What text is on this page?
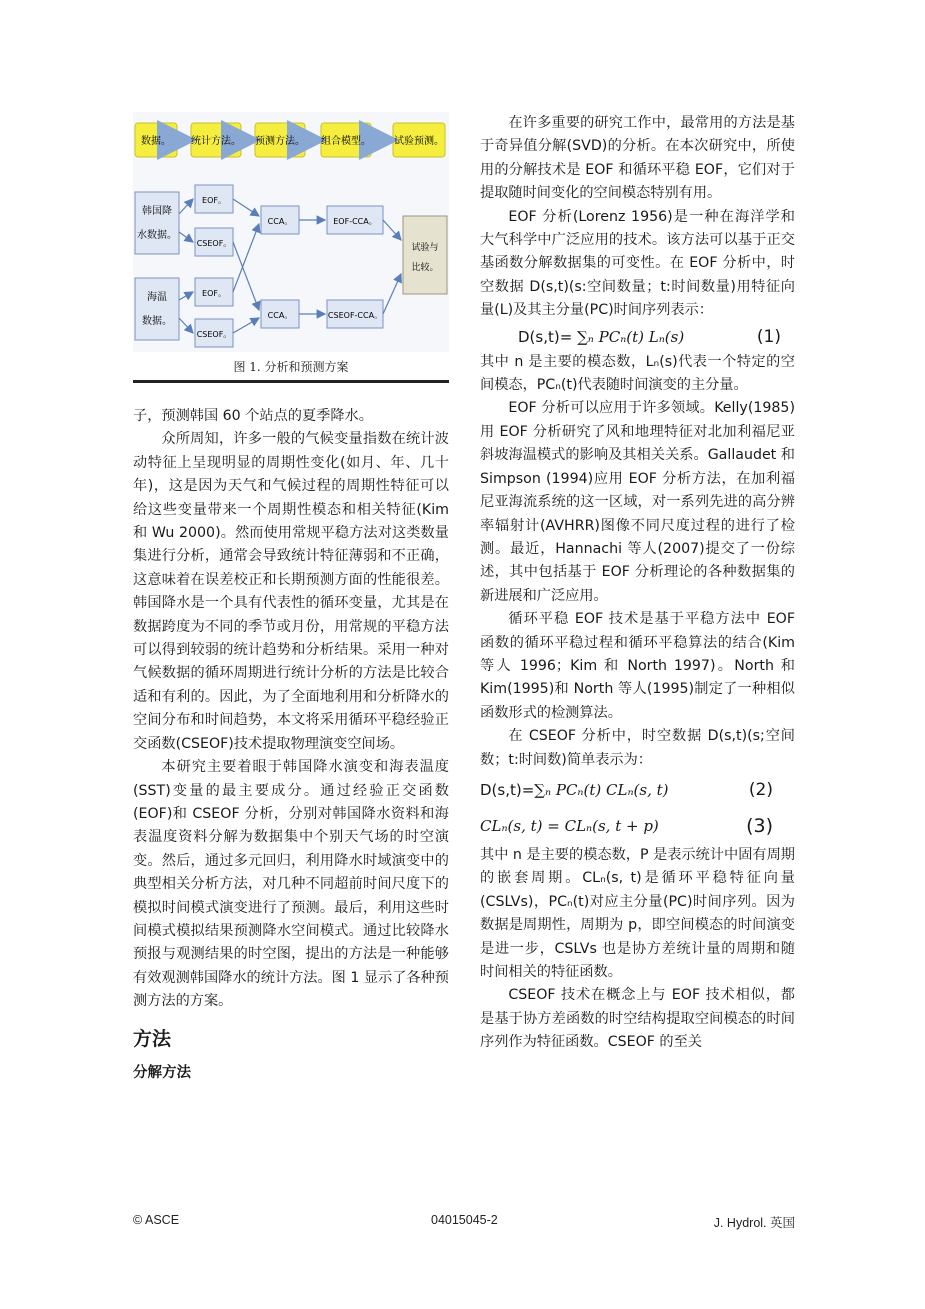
数据。 统计方法。 预测方法。 组合模型。 试验预测。
韩国降
水数据。
海温
数据。
EOF。
CSEOF。
EOF。
CSEOF。
CCA。
CCA。
EOF-CCA。
CSEOF-CCA。
试验与
比较。
图 1. 分析和预测方案

子，预测韩国 60 个站点的夏季降水。

众所周知，许多一般的气候变量指数在统计波动特征上呈现明显的周期性变化(如月、年、几十年)，这是因为天气和气候过程的周期性特征可以给这些变量带来一个周期性模态和相关特征(Kim 和 Wu 2000)。然而使用常规平稳方法对这类数量集进行分析，通常会导致统计特征薄弱和不正确，这意味着在误差校正和长期预测方面的性能很差。韩国降水是一个具有代表性的循环变量，尤其是在数据跨度为不同的季节或月份，用常规的平稳方法可以得到较弱的统计趋势和分析结果。采用一种对气候数据的循环周期进行统计分析的方法是比较合适和有利的。因此，为了全面地利用和分析降水的空间分布和时间趋势，本文将采用循环平稳经验正交函数(CSEOF)技术提取物理演变空间场。

本研究主要着眼于韩国降水演变和海表温度(SST)变量的最主要成分。通过经验正交函数(EOF)和 CSEOF 分析，分别对韩国降水资料和海表温度资料分解为数据集中个别天气场的时空演变。然后，通过多元回归，利用降水时域演变中的典型相关分析方法，对几种不同超前时间尺度下的模拟时间模式演变进行了预测。最后，利用这些时间模式模拟结果预测降水空间模式。通过比较降水预报与观测结果的时空图，提出的方法是一种能够有效观测韩国降水的统计方法。图 1 显示了各种预测方法的方案。

方法
分解方法

在许多重要的研究工作中，最常用的方法是基于奇异值分解(SVD)的分析。在本次研究中，所使用的分解技术是 EOF 和循环平稳 EOF，它们对于提取随时间变化的空间模态特别有用。

EOF 分析(Lorenz 1956)是一种在海洋学和大气科学中广泛应用的技术。该方法可以基于正交基函数分解数据集的可变性。在 EOF 分析中，时空数据 D(s,t)(s:空间数量；t:时间数量)用特征向量(L)及其主分量(PC)时间序列表示：

D(s,t)= ∑ₙ PCₙ(t) Lₙ(s)	(1)

其中 n 是主要的模态数，Lₙ(s)代表一个特定的空间模态，PCₙ(t)代表随时间演变的主分量。

EOF 分析可以应用于许多领域。Kelly(1985)用 EOF 分析研究了风和地理特征对北加利福尼亚斜坡海温模式的影响及其相关关系。Gallaudet 和 Simpson (1994)应用 EOF 分析方法，在加利福尼亚海流系统的这一区域，对一系列先进的高分辨率辐射计(AVHRR)图像不同尺度过程的进行了检测。最近，Hannachi 等人(2007)提交了一份综述，其中包括基于 EOF 分析理论的各种数据集的新进展和广泛应用。

循环平稳 EOF 技术是基于平稳方法中 EOF 函数的循环平稳过程和循环平稳算法的结合(Kim 等人 1996；Kim 和 North 1997)。North 和 Kim(1995)和 North 等人(1995)制定了一种相似函数形式的检测算法。

在 CSEOF 分析中，时空数据 D(s,t)(s;空间数；t:时间数)简单表示为：

D(s,t)=∑ₙ PCₙ(t) CLₙ(s, t)	(2)
CLₙ(s, t) = CLₙ(s, t + p)	(3)

其中 n 是主要的模态数，P 是表示统计中固有周期的嵌套周期。CLₙ(s, t)是循环平稳特征向量(CSLVs)，PCₙ(t)对应主分量(PC)时间序列。因为数据是周期性，周期为 p，即空间模态的时间演变是进一步，CSLVs 也是协方差统计量的周期和随时间相关的特征函数。

CSEOF 技术在概念上与 EOF 技术相似，都是基于协方差函数的时空结构提取空间模态的时间序列作为特征函数。CSEOF 的至关

© ASCE	04015045-2	J. Hydrol. 英国
